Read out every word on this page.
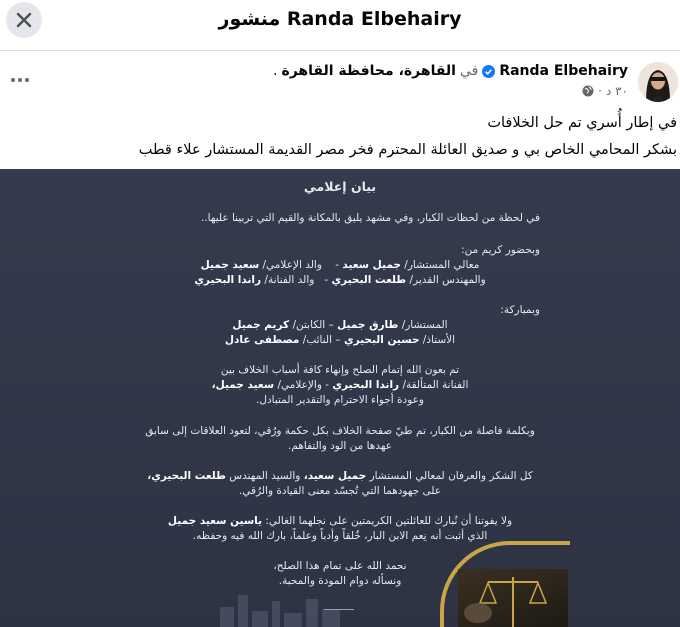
منشور Randa Elbehairy
Randa Elbehairy
في
القاهرة، محافظة القاهرة
.
٣٠ د
·
في إطار أُسري تم حل الخلافات
بشكر المحامي الخاص بي و صديق العائلة المحترم فخر مصر القديمة المستشار علاء قطب
بيان إعلامي
في لحظة من لحظات الكبار، وفي مشهد يليق بالمكانة والقيم التي تربينا عليها..
وبحضور كريم من:
معالي المستشار/ جميل سعيد -    والد الإعلامي/ سعيد جميل
والمهندس القدير/ طلعت البحيري -   والد الفنانة/ راندا البحيري
وبمباركة:
المستشار/ طارق جميل – الكابتن/ كريم جميل
الأستاذ/ حسين البحيري – النائب/ مصطفى عادل
تم بعون الله إتمام الصلح وإنهاء كافة أسباب الخلاف بين
الفنانة المتألقة/ راندا البحيري - والإعلامي/ سعيد جميل،
وعودة أجواء الاحترام والتقدير المتبادل.
وبكلمة فاصلة من الكبار، تم طيّ صفحة الخلاف بكل حكمة ورُقي، لتعود العلاقات إلى سابق
عهدها من الود والتفاهم.
كل الشكر والعرفان لمعالي المستشار جميل سعيد، والسيد المهندس طلعت البحيري،
على جهودهما التي تُجسّد معنى القيادة والرُقي.
ولا يفوتنا أن نُبارك للعائلتين الكريمتين على نجلهما الغالي: ياسين سعيد جميل
الذي أثبت أنه نِعم الابن البار، خُلقاً وأدباً وعلماً، بارك الله فيه وحفظه.
نحمد الله على تمام هذا الصلح،
ونسأله دوام المودة والمحبة.
